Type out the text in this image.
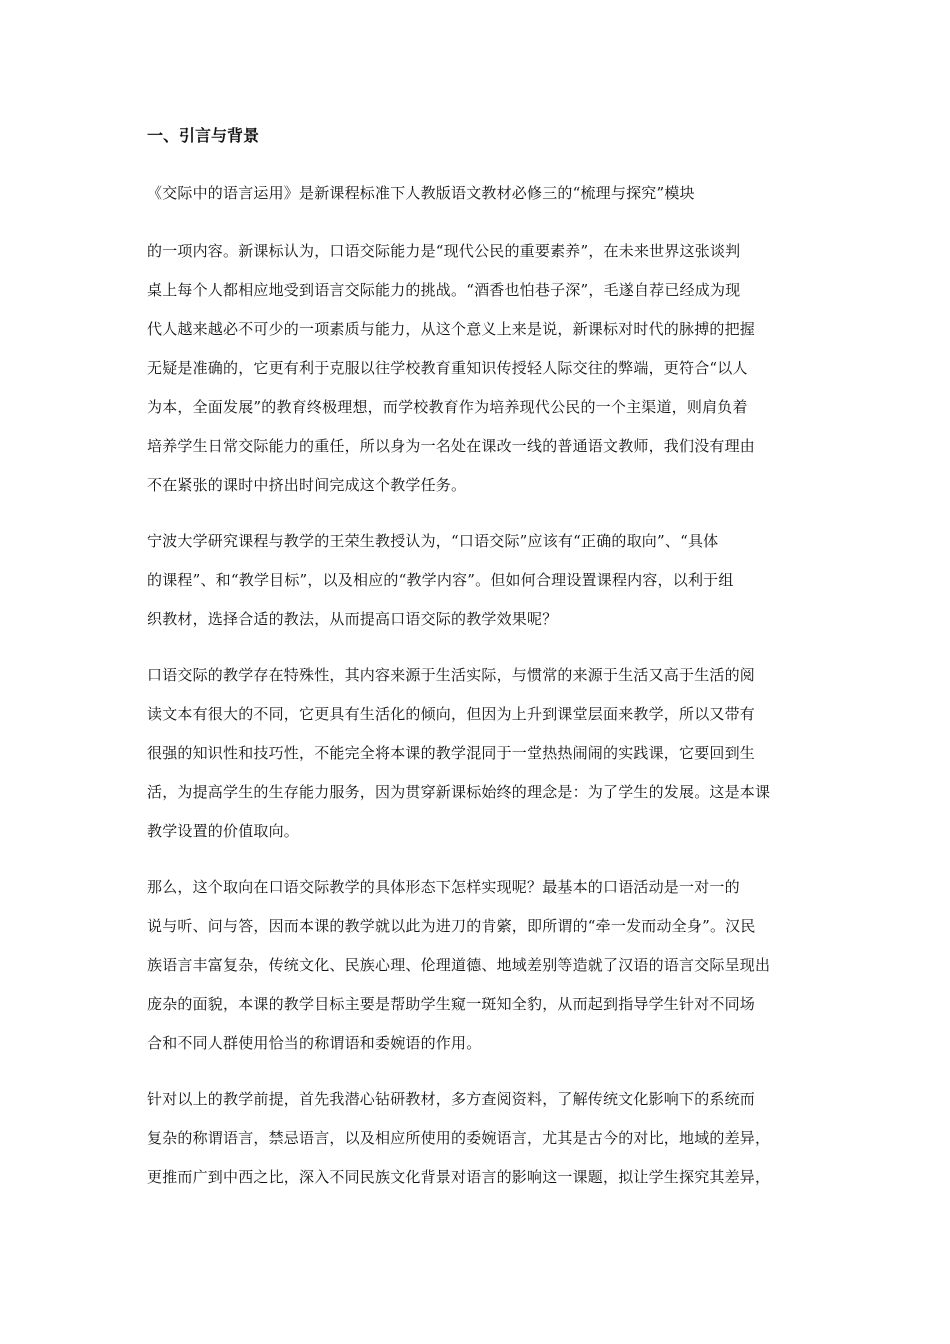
一、引言与背景
《交际中的语言运用》是新课程标准下人教版语文教材必修三的“梳理与探究”模块
的一项内容。新课标认为，口语交际能力是“现代公民的重要素养”，在未来世界这张谈判
桌上每个人都相应地受到语言交际能力的挑战。“酒香也怕巷子深”，毛遂自荐已经成为现
代人越来越必不可少的一项素质与能力，从这个意义上来是说，新课标对时代的脉搏的把握
无疑是准确的，它更有利于克服以往学校教育重知识传授轻人际交往的弊端，更符合“以人
为本，全面发展”的教育终极理想，而学校教育作为培养现代公民的一个主渠道，则肩负着
培养学生日常交际能力的重任，所以身为一名处在课改一线的普通语文教师，我们没有理由
不在紧张的课时中挤出时间完成这个教学任务。
宁波大学研究课程与教学的王荣生教授认为，“口语交际”应该有“正确的取向”、“具体
的课程”、和“教学目标”，以及相应的“教学内容”。但如何合理设置课程内容，以利于组
织教材，选择合适的教法，从而提高口语交际的教学效果呢？
口语交际的教学存在特殊性，其内容来源于生活实际，与惯常的来源于生活又高于生活的阅
读文本有很大的不同，它更具有生活化的倾向，但因为上升到课堂层面来教学，所以又带有
很强的知识性和技巧性，不能完全将本课的教学混同于一堂热热闹闹的实践课，它要回到生
活，为提高学生的生存能力服务，因为贯穿新课标始终的理念是：为了学生的发展。这是本课
教学设置的价值取向。
那么，这个取向在口语交际教学的具体形态下怎样实现呢？最基本的口语活动是一对一的
说与听、问与答，因而本课的教学就以此为进刀的肯綮，即所谓的“牵一发而动全身”。汉民
族语言丰富复杂，传统文化、民族心理、伦理道德、地域差别等造就了汉语的语言交际呈现出
庞杂的面貌，本课的教学目标主要是帮助学生窥一斑知全豹，从而起到指导学生针对不同场
合和不同人群使用恰当的称谓语和委婉语的作用。
针对以上的教学前提，首先我潜心钻研教材，多方查阅资料，了解传统文化影响下的系统而
复杂的称谓语言，禁忌语言，以及相应所使用的委婉语言，尤其是古今的对比，地域的差异，
更推而广到中西之比，深入不同民族文化背景对语言的影响这一课题，拟让学生探究其差异，
